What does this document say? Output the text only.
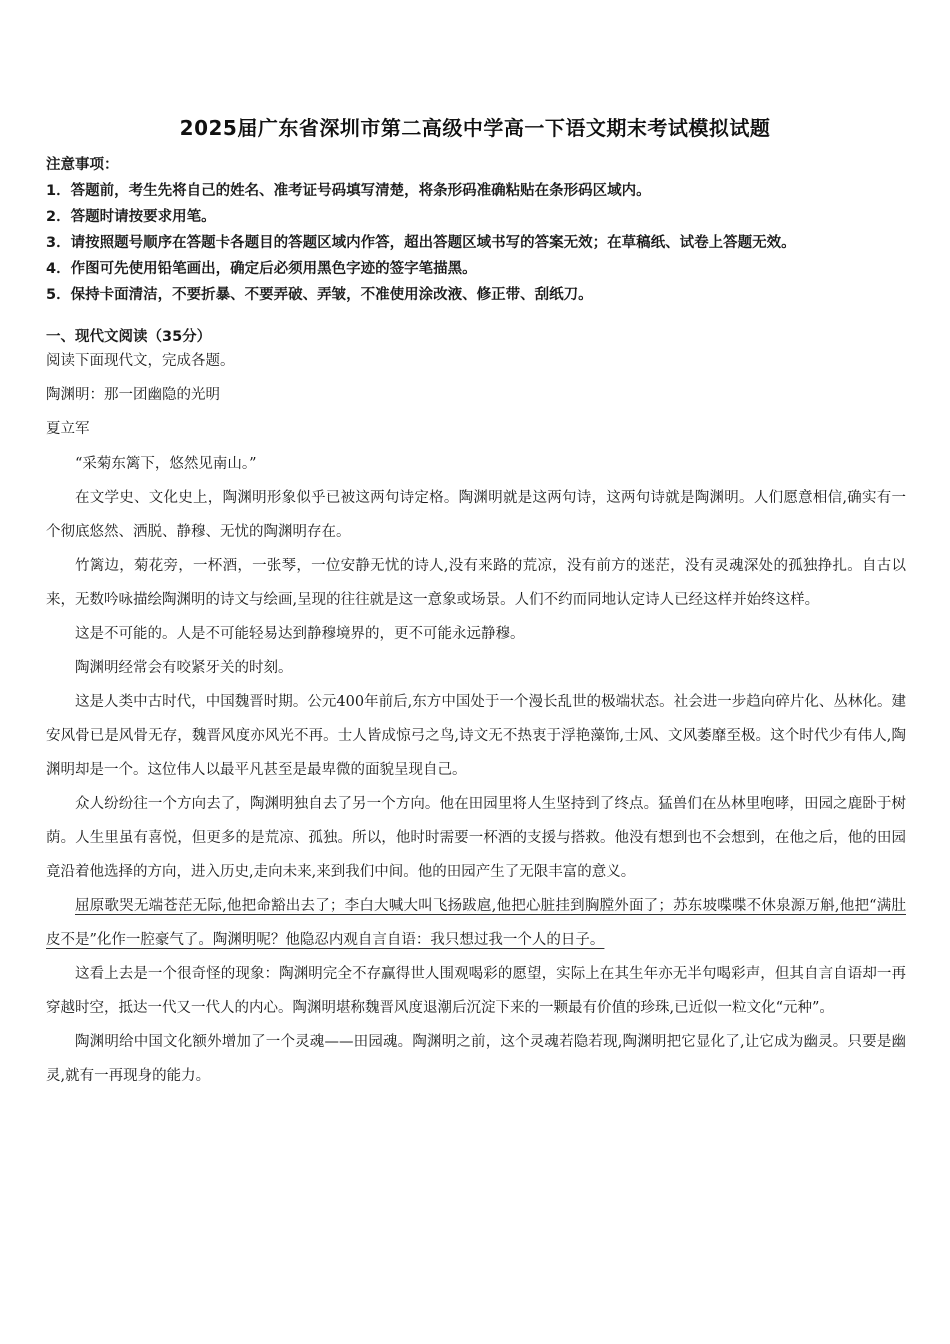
2025届广东省深圳市第二高级中学高一下语文期末考试模拟试题
注意事项：
1．答题前，考生先将自己的姓名、准考证号码填写清楚，将条形码准确粘贴在条形码区域内。
2．答题时请按要求用笔。
3．请按照题号顺序在答题卡各题目的答题区域内作答，超出答题区域书写的答案无效；在草稿纸、试卷上答题无效。
4．作图可先使用铅笔画出，确定后必须用黑色字迹的签字笔描黑。
5．保持卡面清洁，不要折暴、不要弄破、弄皱，不准使用涂改液、修正带、刮纸刀。
一、现代文阅读（35分）
阅读下面现代文，完成各题。
陶渊明：那一团幽隐的光明
夏立军

“采菊东篱下，悠然见南山。”

在文学史、文化史上，陶渊明形象似乎已被这两句诗定格。陶渊明就是这两句诗，这两句诗就是陶渊明。人们愿意相信,确实有一个彻底悠然、洒脱、静穆、无忧的陶渊明存在。

竹篱边，菊花旁，一杯酒，一张琴，一位安静无忧的诗人,没有来路的荒凉，没有前方的迷茫，没有灵魂深处的孤独挣扎。自古以来，无数吟咏描绘陶渊明的诗文与绘画,呈现的往往就是这一意象或场景。人们不约而同地认定诗人已经这样并始终这样。

这是不可能的。人是不可能轻易达到静穆境界的，更不可能永远静穆。

陶渊明经常会有咬紧牙关的时刻。

这是人类中古时代，中国魏晋时期。公元400年前后,东方中国处于一个漫长乱世的极端状态。社会进一步趋向碎片化、丛林化。建安风骨已是风骨无存，魏晋风度亦风光不再。士人皆成惊弓之鸟,诗文无不热衷于浮艳藻饰,士风、文风萎靡至极。这个时代少有伟人,陶渊明却是一个。这位伟人以最平凡甚至是最卑微的面貌呈现自己。

众人纷纷往一个方向去了，陶渊明独自去了另一个方向。他在田园里将人生坚持到了终点。猛兽们在丛林里咆哮，田园之鹿卧于树荫。人生里虽有喜悦，但更多的是荒凉、孤独。所以，他时时需要一杯酒的支援与搭救。他没有想到也不会想到，在他之后，他的田园竟沿着他选择的方向，进入历史,走向未来,来到我们中间。他的田园产生了无限丰富的意义。

屈原歌哭无端苍茫无际,他把命豁出去了；李白大喊大叫飞扬跋扈,他把心脏挂到胸膛外面了；苏东坡喋喋不休泉源万斛,他把“满肚皮不是”化作一腔豪气了。陶渊明呢？他隐忍内观自言自语：我只想过我一个人的日子。

这看上去是一个很奇怪的现象：陶渊明完全不存赢得世人围观喝彩的愿望，实际上在其生年亦无半句喝彩声，但其自言自语却一再穿越时空，抵达一代又一代人的内心。陶渊明堪称魏晋风度退潮后沉淀下来的一颗最有价值的珍珠,已近似一粒文化“元种”。

陶渊明给中国文化额外增加了一个灵魂——田园魂。陶渊明之前，这个灵魂若隐若现,陶渊明把它显化了,让它成为幽灵。只要是幽灵,就有一再现身的能力。
